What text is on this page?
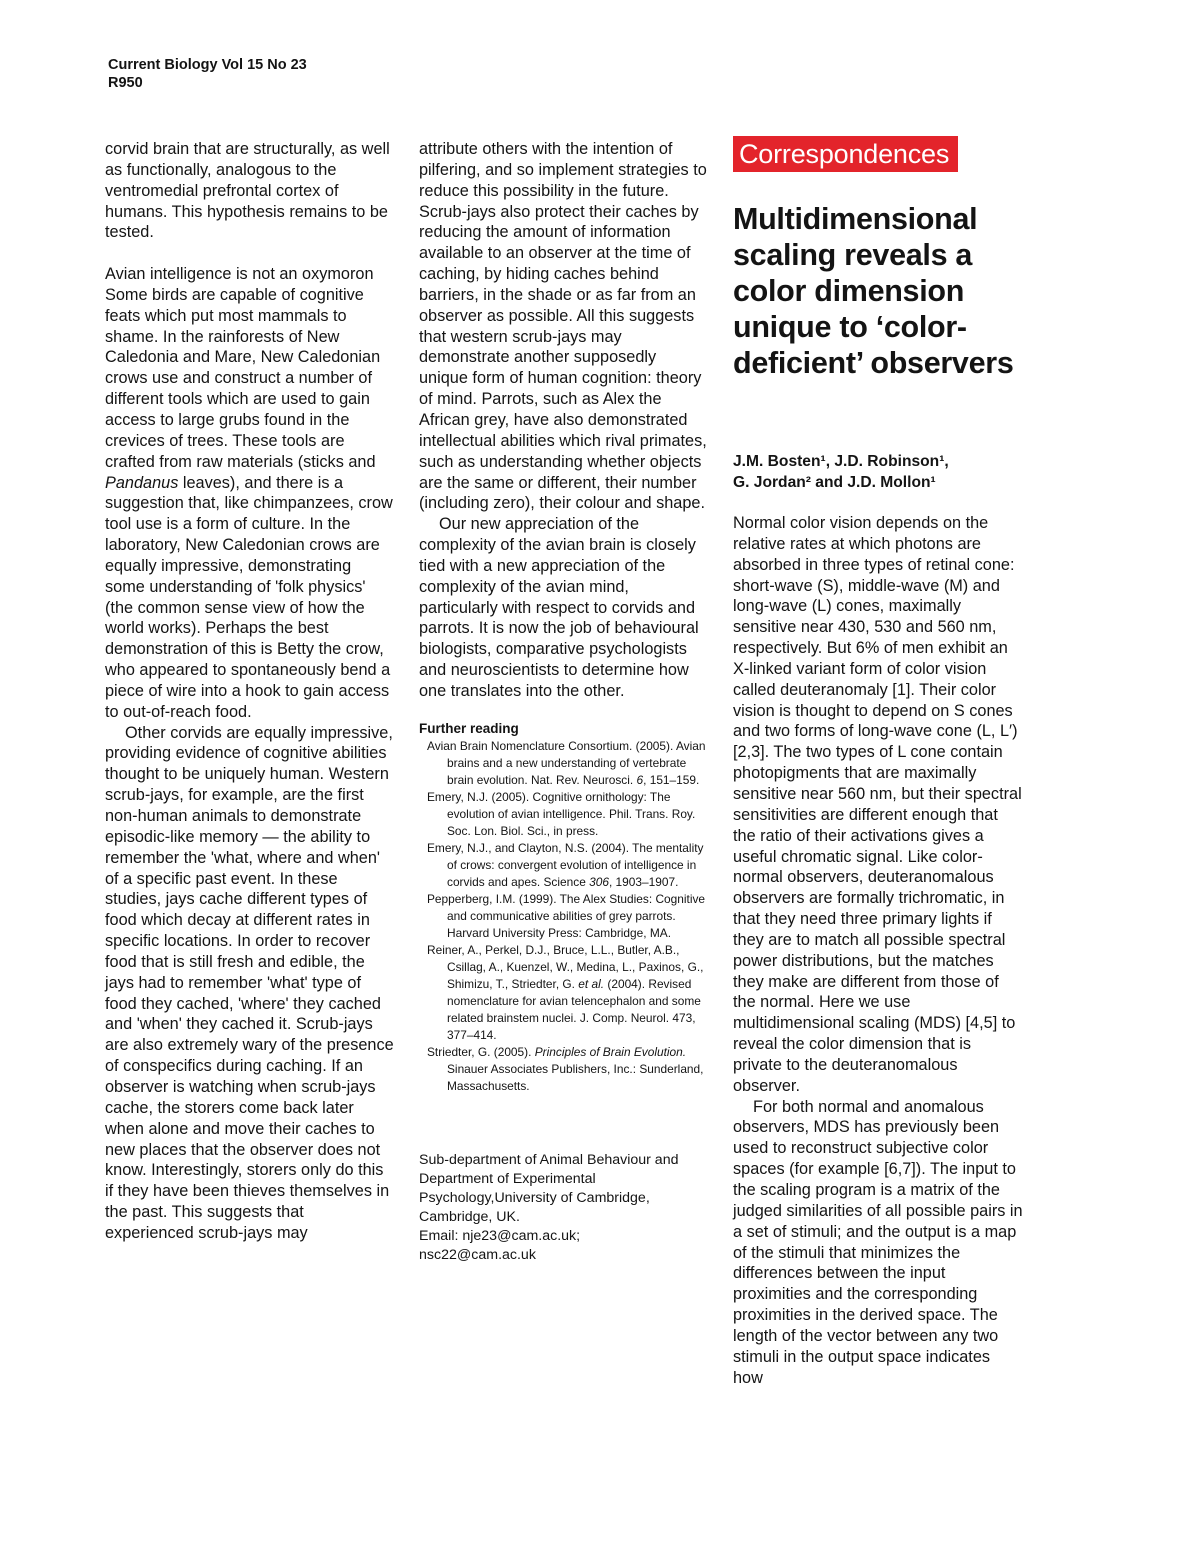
Current Biology Vol 15 No 23
R950

corvid brain that are structurally, as well as functionally, analogous to the ventromedial prefrontal cortex of humans. This hypothesis remains to be tested.

Avian intelligence is not an oxymoron

Some birds are capable of cognitive feats which put most mammals to shame. In the rainforests of New Caledonia and Mare, New Caledonian crows use and construct a number of different tools which are used to gain access to large grubs found in the crevices of trees. These tools are crafted from raw materials (sticks and Pandanus leaves), and there is a suggestion that, like chimpanzees, crow tool use is a form of culture. In the laboratory, New Caledonian crows are equally impressive, demonstrating some understanding of 'folk physics' (the common sense view of how the world works). Perhaps the best demonstration of this is Betty the crow, who appeared to spontaneously bend a piece of wire into a hook to gain access to out-of-reach food.

Other corvids are equally impressive, providing evidence of cognitive abilities thought to be uniquely human. Western scrub-jays, for example, are the first non-human animals to demonstrate episodic-like memory — the ability to remember the 'what, where and when' of a specific past event. In these studies, jays cache different types of food which decay at different rates in specific locations. In order to recover food that is still fresh and edible, the jays had to remember 'what' type of food they cached, 'where' they cached and 'when' they cached it. Scrub-jays are also extremely wary of the presence of conspecifics during caching. If an observer is watching when scrub-jays cache, the storers come back later when alone and move their caches to new places that the observer does not know. Interestingly, storers only do this if they have been thieves themselves in the past. This suggests that experienced scrub-jays may

attribute others with the intention of pilfering, and so implement strategies to reduce this possibility in the future. Scrub-jays also protect their caches by reducing the amount of information available to an observer at the time of caching, by hiding caches behind barriers, in the shade or as far from an observer as possible. All this suggests that western scrub-jays may demonstrate another supposedly unique form of human cognition: theory of mind. Parrots, such as Alex the African grey, have also demonstrated intellectual abilities which rival primates, such as understanding whether objects are the same or different, their number (including zero), their colour and shape.

Our new appreciation of the complexity of the avian brain is closely tied with a new appreciation of the complexity of the avian mind, particularly with respect to corvids and parrots. It is now the job of behavioural biologists, comparative psychologists and neuroscientists to determine how one translates into the other.

Further reading

Avian Brain Nomenclature Consortium. (2005). Avian brains and a new understanding of vertebrate brain evolution. Nat. Rev. Neurosci. 6, 151–159.
Emery, N.J. (2005). Cognitive ornithology: The evolution of avian intelligence. Phil. Trans. Roy. Soc. Lon. Biol. Sci., in press.
Emery, N.J., and Clayton, N.S. (2004). The mentality of crows: convergent evolution of intelligence in corvids and apes. Science 306, 1903–1907.
Pepperberg, I.M. (1999). The Alex Studies: Cognitive and communicative abilities of grey parrots. Harvard University Press: Cambridge, MA.
Reiner, A., Perkel, D.J., Bruce, L.L., Butler, A.B., Csillag, A., Kuenzel, W., Medina, L., Paxinos, G., Shimizu, T., Striedter, G. et al. (2004). Revised nomenclature for avian telencephalon and some related brainstem nuclei. J. Comp. Neurol. 473, 377–414.
Striedter, G. (2005). Principles of Brain Evolution. Sinauer Associates Publishers, Inc.: Sunderland, Massachusetts.

Sub-department of Animal Behaviour and Department of Experimental Psychology,University of Cambridge, Cambridge, UK.
Email: nje23@cam.ac.uk;
nsc22@cam.ac.uk

Correspondences
Multidimensional scaling reveals a color dimension unique to ‘color-deficient’ observers

J.M. Bosten¹, J.D. Robinson¹,
G. Jordan² and J.D. Mollon¹

Normal color vision depends on the relative rates at which photons are absorbed in three types of retinal cone: short-wave (S), middle-wave (M) and long-wave (L) cones, maximally sensitive near 430, 530 and 560 nm, respectively. But 6% of men exhibit an X-linked variant form of color vision called deuteranomaly [1]. Their color vision is thought to depend on S cones and two forms of long-wave cone (L, L′) [2,3]. The two types of L cone contain photopigments that are maximally sensitive near 560 nm, but their spectral sensitivities are different enough that the ratio of their activations gives a useful chromatic signal. Like color-normal observers, deuteranomalous observers are formally trichromatic, in that they need three primary lights if they are to match all possible spectral power distributions, but the matches they make are different from those of the normal. Here we use multidimensional scaling (MDS) [4,5] to reveal the color dimension that is private to the deuteranomalous observer.

For both normal and anomalous observers, MDS has previously been used to reconstruct subjective color spaces (for example [6,7]). The input to the scaling program is a matrix of the judged similarities of all possible pairs in a set of stimuli; and the output is a map of the stimuli that minimizes the differences between the input proximities and the corresponding proximities in the derived space. The length of the vector between any two stimuli in the output space indicates how
